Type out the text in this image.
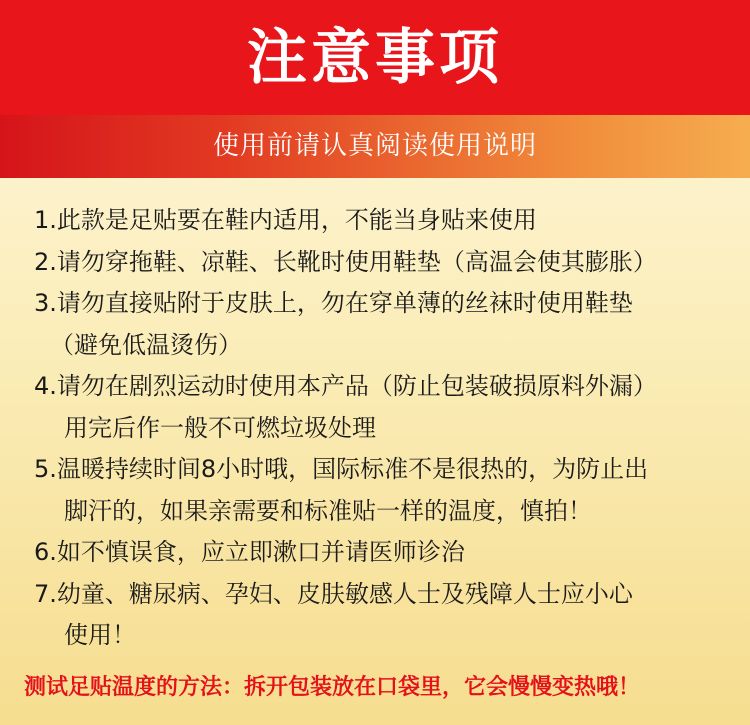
注意事项
使用前请认真阅读使用说明
1.此款是足贴要在鞋内适用，不能当身贴来使用
2.请勿穿拖鞋、凉鞋、长靴时使用鞋垫（高温会使其膨胀）
3.请勿直接贴附于皮肤上，勿在穿单薄的丝袜时使用鞋垫
（避免低温烫伤）
4.请勿在剧烈运动时使用本产品（防止包装破损原料外漏）
用完后作一般不可燃垃圾处理
5.温暖持续时间8小时哦，国际标准不是很热的，为防止出
脚汗的，如果亲需要和标准贴一样的温度，慎拍！
6.如不慎误食，应立即漱口并请医师诊治
7.幼童、糖尿病、孕妇、皮肤敏感人士及残障人士应小心
使用！
测试足贴温度的方法：拆开包装放在口袋里，它会慢慢变热哦！
